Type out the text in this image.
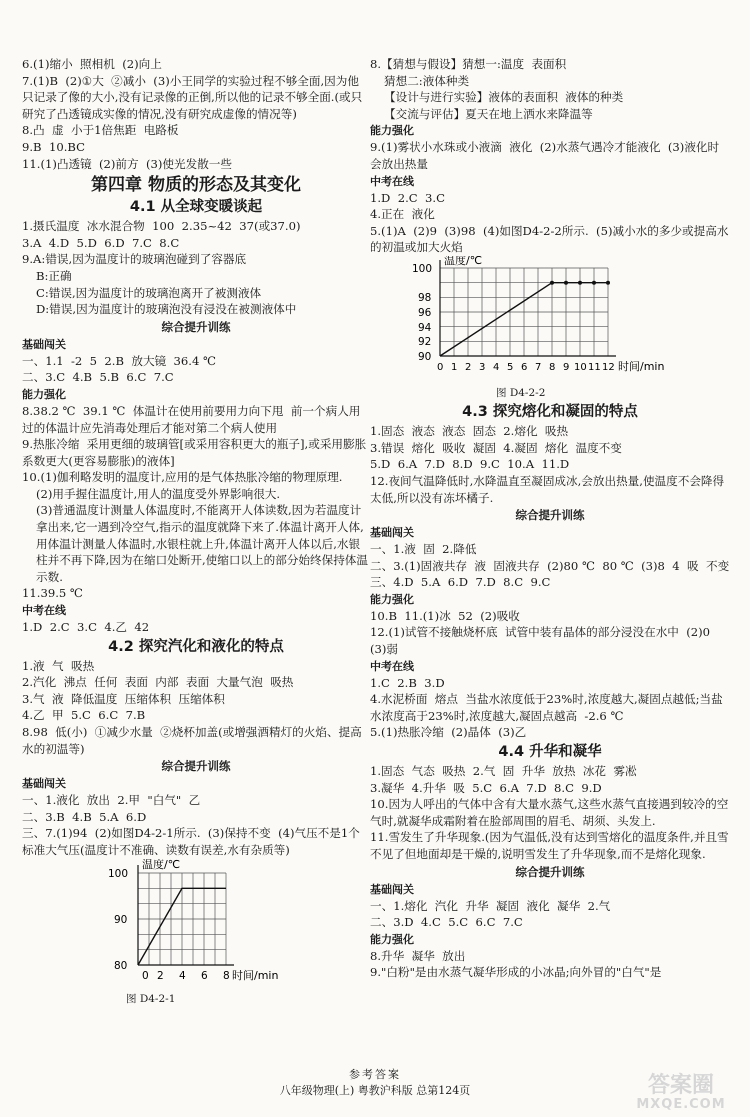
6.(1)缩小  照相机  (2)向上

7.(1)B  (2)①大  ②减小  (3)小王同学的实验过程不够全面,因为他只记录了像的大小,没有记录像的正倒,所以他的记录不够全面.(或只研究了凸透镜成实像的情况,没有研究成虚像的情况等)

8.凸  虚  小于1倍焦距  电路板

9.B  10.BC

11.(1)凸透镜  (2)前方  (3)使光发散一些

第四章 物质的形态及其变化
4.1 从全球变暖谈起

1.摄氏温度  冰水混合物  100  2.35~42  37(或37.0)

3.A  4.D  5.D  6.D  7.C  8.C

9.A:错误,因为温度计的玻璃泡碰到了容器底

B:正确

C:错误,因为温度计的玻璃泡离开了被测液体

D:错误,因为温度计的玻璃泡没有浸没在被测液体中

综合提升训练
基础闯关

一、1.1  -2  5  2.B  放大镜  36.4 ℃

二、3.C  4.B  5.B  6.C  7.C

能力强化

8.38.2 ℃  39.1 ℃  体温计在使用前要用力向下甩  前一个病人用过的体温计应先消毒处理后才能对第二个病人使用

9.热胀冷缩  采用更细的玻璃管[或采用容积更大的瓶子],或采用膨胀系数更大(更容易膨胀)的液体]

10.(1)伽利略发明的温度计,应用的是气体热胀冷缩的物理原理.

(2)用手握住温度计,用人的温度受外界影响很大.

(3)普通温度计测量人体温度时,不能离开人体读数,因为若温度计拿出来,它一遇到冷空气,指示的温度就降下来了.体温计离开人体,用体温计测量人体温时,水银柱就上升,体温计离开人体以后,水银柱并不再下降,因为在缩口处断开,使缩口以上的部分始终保持体温示数.

11.39.5 ℃

中考在线

1.D  2.C  3.C  4.乙  42

4.2 探究汽化和液化的特点

1.液  气  吸热

2.汽化  沸点  任何  表面  内部  表面  大量气泡  吸热

3.气  液  降低温度  压缩体积  压缩体积

4.乙  甲  5.C  6.C  7.B

8.98  低(小)  ①减少水量  ②烧杯加盖(或增强酒精灯的火焰、提高水的初温等)

综合提升训练
基础闯关

一、1.液化  放出  2.甲  "白气"  乙

二、3.B  4.B  5.A  6.D

三、7.(1)94  (2)如图D4-2-1所示.  (3)保持不变  (4)气压不是1个标准大气压(温度计不准确、读数有误差,水有杂质等)

温度/℃
80
90
100
0 2 4 6 8 时间/min
图 D4-2-1

8.【猜想与假设】猜想一:温度  表面积

猜想二:液体种类

【设计与进行实验】液体的表面积  液体的种类

【交流与评估】夏天在地上洒水来降温等

能力强化

9.(1)雾状小水珠或小液滴  液化  (2)水蒸气遇冷才能液化  (3)液化时会放出热量

中考在线

1.D  2.C  3.C

4.正在  液化

5.(1)A  (2)9  (3)98  (4)如图D4-2-2所示.  (5)减小水的多少或提高水的初温或加大火焰

温度/℃
90
92
94
96
98
100
0 1 2 3 4 5 6 7 8 9 10 11 12 时间/min
图 D4-2-2
4.3 探究熔化和凝固的特点

1.固态  液态  液态  固态  2.熔化  吸热

3.错误  熔化  吸收  凝固  4.凝固  熔化  温度不变

5.D  6.A  7.D  8.D  9.C  10.A  11.D

12.夜间气温降低时,水降温直至凝固成冰,会放出热量,使温度不会降得太低,所以没有冻坏橘子.

综合提升训练
基础闯关

一、1.液  固  2.降低

二、3.(1)固液共存  液  固液共存  (2)80 ℃  80 ℃  (3)8  4  吸  不变

三、4.D  5.A  6.D  7.D  8.C  9.C

能力强化

10.B  11.(1)冰  52  (2)吸收

12.(1)试管不接触烧杯底  试管中装有晶体的部分浸没在水中  (2)0  (3)弱

中考在线

1.C  2.B  3.D

4.水泥桥面  熔点  当盐水浓度低于23%时,浓度越大,凝固点越低;当盐水浓度高于23%时,浓度越大,凝固点越高  -2.6 ℃

5.(1)热胀冷缩  (2)晶体  (3)乙

4.4 升华和凝华

1.固态  气态  吸热  2.气  固  升华  放热  冰花  雾凇

3.凝华  4.升华  吸  5.C  6.A  7.D  8.C  9.D

10.因为人呼出的气体中含有大量水蒸气,这些水蒸气直接遇到较冷的空气时,就凝华成霜附着在脸部周围的眉毛、胡须、头发上.

11.雪发生了升华现象.(因为气温低,没有达到雪熔化的温度条件,并且雪不见了但地面却是干燥的,说明雪发生了升华现象,而不是熔化现象.

综合提升训练
基础闯关

一、1.熔化  汽化  升华  凝固  液化  凝华  2.气

二、3.D  4.C  5.C  6.C  7.C

能力强化

8.升华  凝华  放出

9."白粉"是由水蒸气凝华形成的小冰晶;向外冒的"白气"是

参考答案
八年级物理(上) 粤教沪科版 总第124页	答案圈
MXQE.COM
